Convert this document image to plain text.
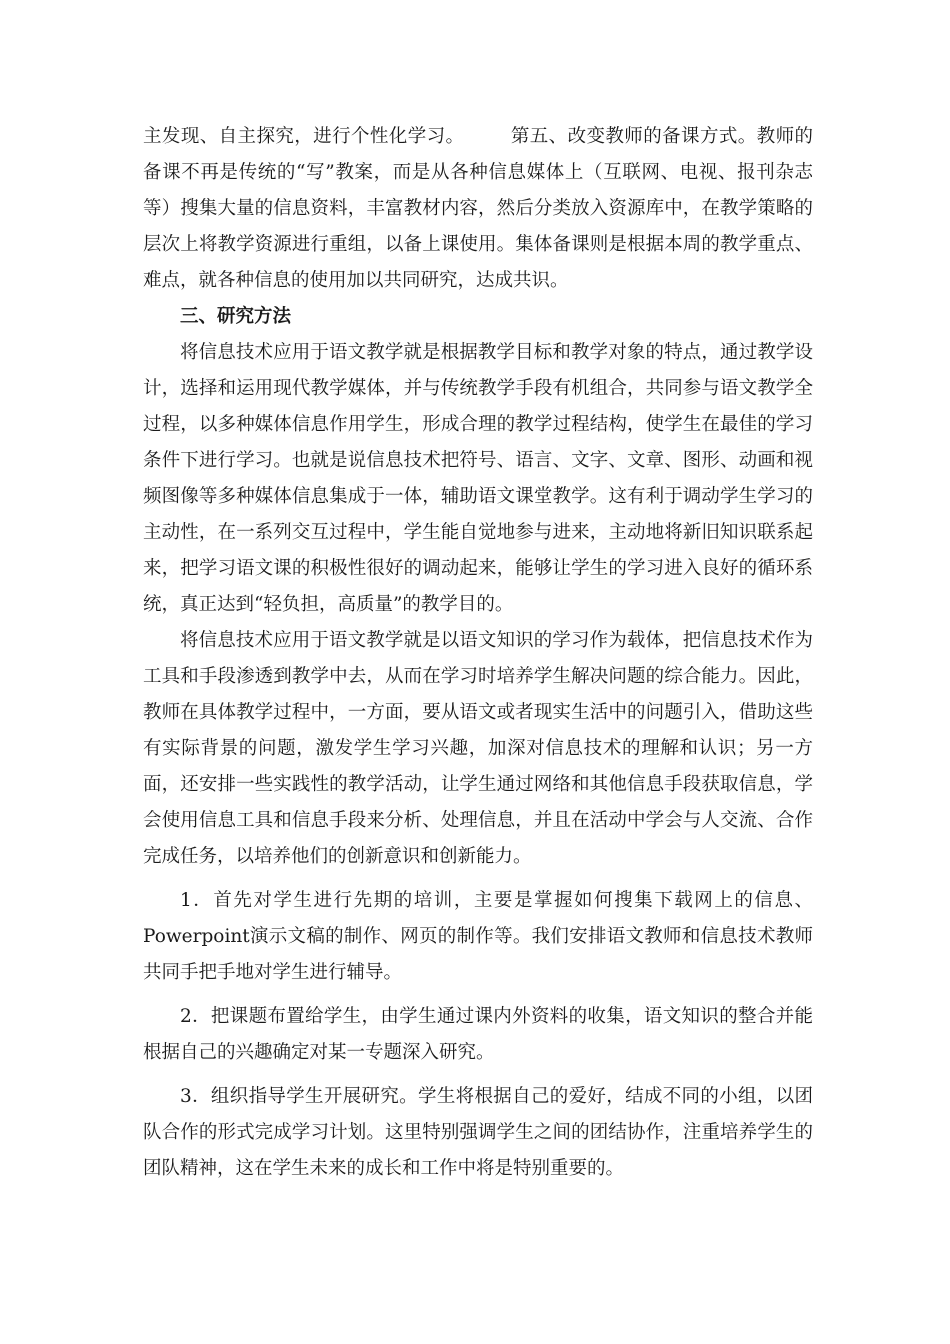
主发现、自主探究，进行个性化学习。 第五、改变教师的备课方式。教师的备课不再是传统的“写”教案，而是从各种信息媒体上（互联网、电视、报刊杂志等）搜集大量的信息资料，丰富教材内容，然后分类放入资源库中，在教学策略的层次上将教学资源进行重组，以备上课使用。集体备课则是根据本周的教学重点、难点，就各种信息的使用加以共同研究，达成共识。

三、研究方法

将信息技术应用于语文教学就是根据教学目标和教学对象的特点，通过教学设计，选择和运用现代教学媒体，并与传统教学手段有机组合，共同参与语文教学全过程，以多种媒体信息作用学生，形成合理的教学过程结构，使学生在最佳的学习条件下进行学习。也就是说信息技术把符号、语言、文字、文章、图形、动画和视频图像等多种媒体信息集成于一体，辅助语文课堂教学。这有利于调动学生学习的主动性，在一系列交互过程中，学生能自觉地参与进来，主动地将新旧知识联系起来，把学习语文课的积极性很好的调动起来，能够让学生的学习进入良好的循环系统，真正达到“轻负担，高质量”的教学目的。

将信息技术应用于语文教学就是以语文知识的学习作为载体，把信息技术作为工具和手段渗透到教学中去，从而在学习时培养学生解决问题的综合能力。因此，教师在具体教学过程中，一方面，要从语文或者现实生活中的问题引入，借助这些有实际背景的问题，激发学生学习兴趣，加深对信息技术的理解和认识；另一方面，还安排一些实践性的教学活动，让学生通过网络和其他信息手段获取信息，学会使用信息工具和信息手段来分析、处理信息，并且在活动中学会与人交流、合作完成任务，以培养他们的创新意识和创新能力。

1．首先对学生进行先期的培训，主要是掌握如何搜集下载网上的信息、Powerpoint演示文稿的制作、网页的制作等。我们安排语文教师和信息技术教师共同手把手地对学生进行辅导。

2．把课题布置给学生，由学生通过课内外资料的收集，语文知识的整合并能根据自己的兴趣确定对某一专题深入研究。

3．组织指导学生开展研究。学生将根据自己的爱好，结成不同的小组，以团队合作的形式完成学习计划。这里特别强调学生之间的团结协作，注重培养学生的团队精神，这在学生未来的成长和工作中将是特别重要的。
